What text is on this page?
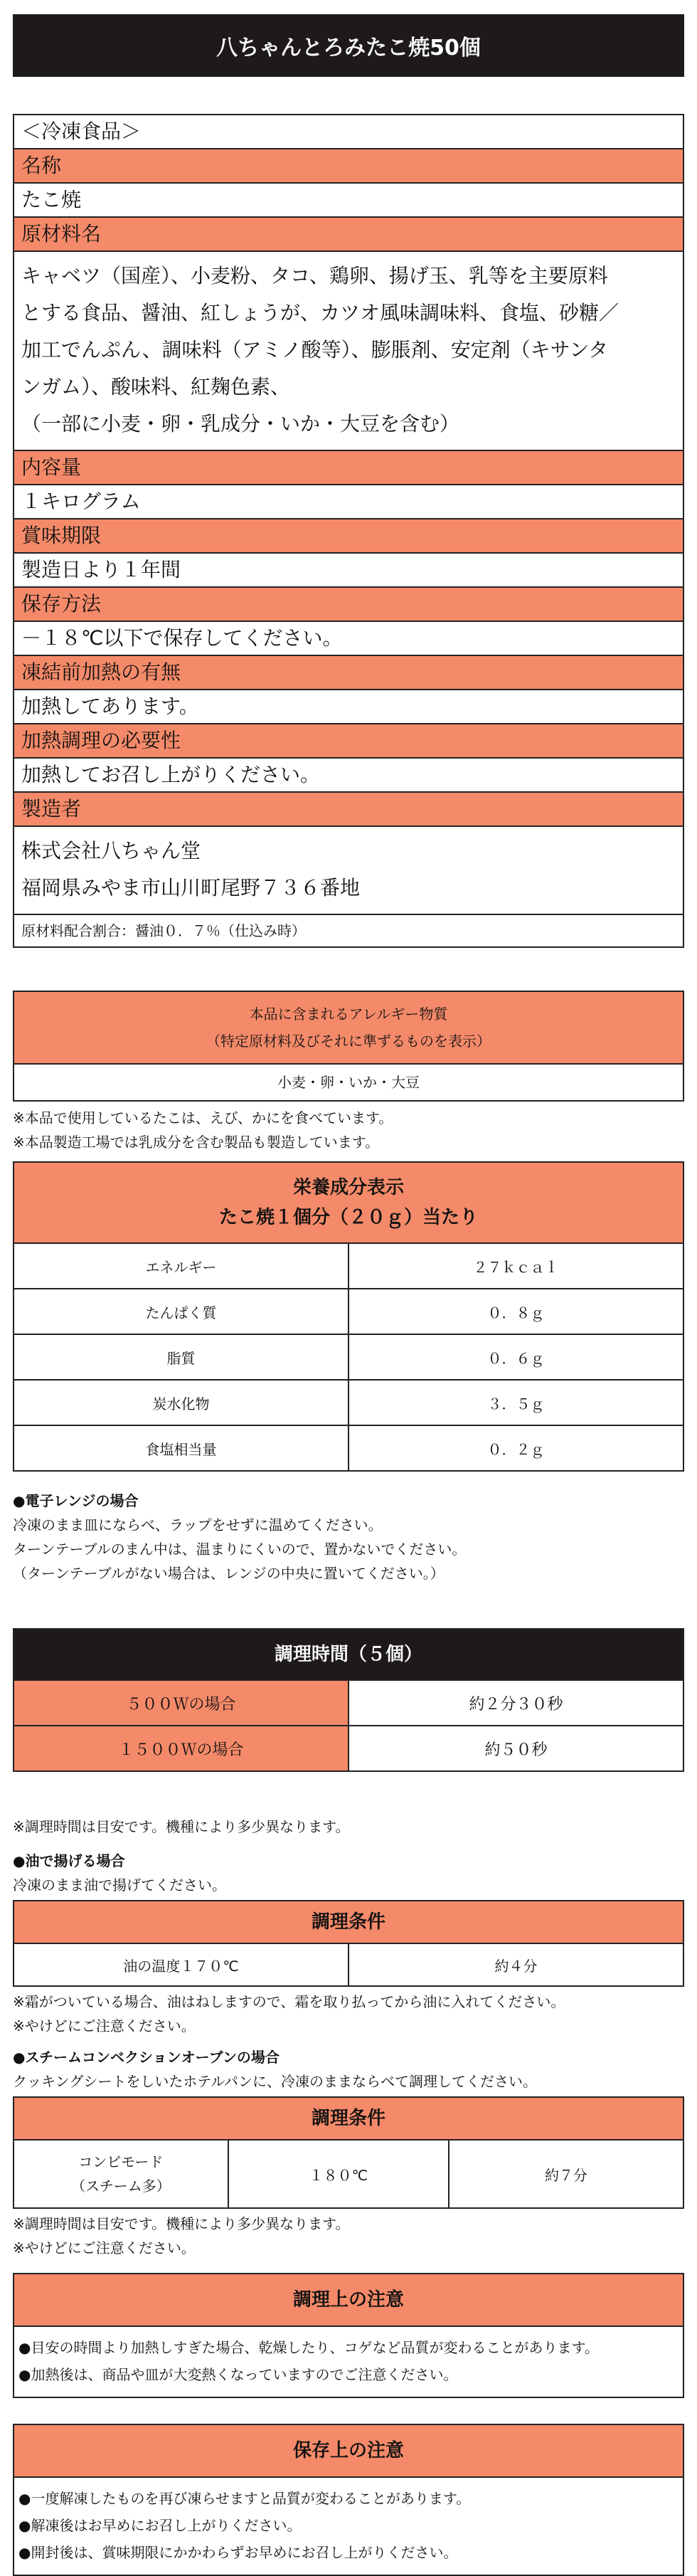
八ちゃんとろみたこ焼50個
＜冷凍食品＞
名称
たこ焼
原材料名
キャベツ（国産）、小麦粉、タコ、鶏卵、揚げ玉、乳等を主要原料
とする食品、醤油、紅しょうが、カツオ風味調味料、食塩、砂糖／
加工でんぷん、調味料（アミノ酸等）、膨脹剤、安定剤（キサンタ
ンガム）、酸味料、紅麹色素、
（一部に小麦・卵・乳成分・いか・大豆を含む）
内容量
１キログラム
賞味期限
製造日より１年間
保存方法
－１８℃以下で保存してください。
凍結前加熱の有無
加熱してあります。
加熱調理の必要性
加熱してお召し上がりください。
製造者
株式会社八ちゃん堂
福岡県みやま市山川町尾野７３６番地
原材料配合割合：醤油０．７％（仕込み時）
本品に含まれるアレルギー物質
（特定原材料及びそれに準ずるものを表示）
小麦・卵・いか・大豆
※本品で使用しているたこは、えび、かにを食べています。
※本品製造工場では乳成分を含む製品も製造しています。
栄養成分表示
たこ焼１個分（２０ｇ）当たり
エネルギー	２７ｋｃａｌ
たんぱく質	０．８ｇ
脂質	０．６ｇ
炭水化物	３．５ｇ
食塩相当量	０．２ｇ
●電子レンジの場合
冷凍のまま皿にならべ、ラップをせずに温めてください。
ターンテーブルのまん中は、温まりにくいので、置かないでください。
（ターンテーブルがない場合は、レンジの中央に置いてください。）
調理時間（５個）
５００Ｗの場合	約２分３０秒
１５００Ｗの場合	約５０秒
※調理時間は目安です。機種により多少異なります。
●油で揚げる場合
冷凍のまま油で揚げてください。
調理条件
油の温度１７０℃	約４分
※霜がついている場合、油はねしますので、霜を取り払ってから油に入れてください。
※やけどにご注意ください。
●スチームコンベクションオーブンの場合
クッキングシートをしいたホテルパンに、冷凍のままならべて調理してください。
調理条件
コンビモード
（スチーム多）
	１８０℃	約７分
※調理時間は目安です。機種により多少異なります。
※やけどにご注意ください。
調理上の注意
●目安の時間より加熱しすぎた場合、乾燥したり、コゲなど品質が変わることがあります。
●加熱後は、商品や皿が大変熱くなっていますのでご注意ください。
保存上の注意
●一度解凍したものを再び凍らせますと品質が変わることがあります。
●解凍後はお早めにお召し上がりください。
●開封後は、賞味期限にかかわらずお早めにお召し上がりください。
